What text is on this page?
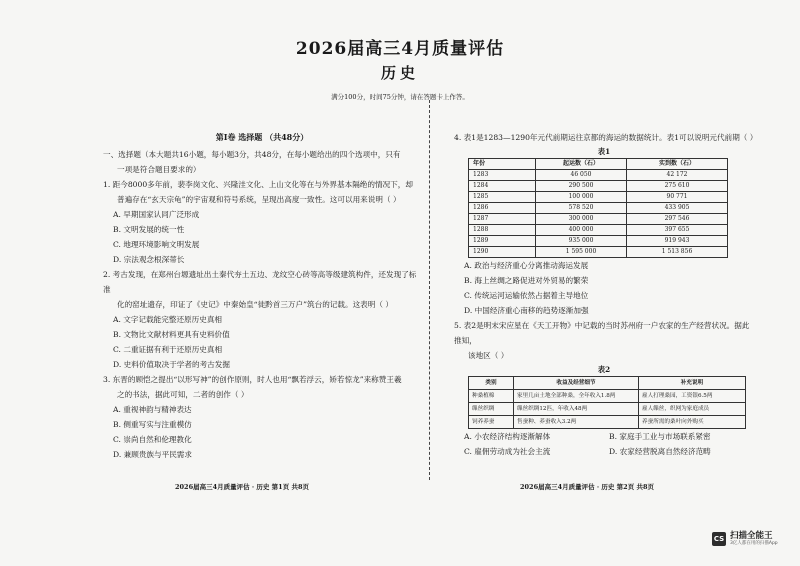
2026届高三4月质量评估
历史
满分100分，时间75分钟，请在答题卡上作答。
第Ⅰ卷 选择题 （共48分）

一、选择题（本大题共16小题，每小题3分，共48分，在每小题给出的四个选项中，只有

一项是符合题目要求的）

1. 距今8000多年前，裴李岗文化、兴隆洼文化、上山文化等在与外界基本隔绝的情况下，却

普遍存在“玄天宗龟”的宇宙观和符号系统，呈现出高度一致性。这可以用来说明（ ）

A. 早期国家认同广泛形成

B. 文明发展的统一性

C. 地理环境影响文明发展

D. 宗法观念根深蒂长

2. 考古发现，在郑州台塬遗址出土秦代夯土五边、龙纹空心砖等高等级建筑构件，还发现了标准

化的窑址遗存，印证了《史记》中秦始皇“徙黔首三万户”筑台的记载。这表明（ ）

A. 文字记载能完整还原历史真相

B. 文物比文献材料更具有史料价值

C. 二重证据有利于还原历史真相

D. 史料价值取决于学者的考古发掘

3. 东晋的顾恺之提出“以形写神”的创作原则，时人也用“飘若浮云，矫若惊龙”来称赞王羲

之的书法，据此可知，二者的创作（ ）

A. 重视神韵与精神表达

B. 侧重写实与注重模仿

C. 崇尚自然和伦理教化

D. 兼顾贵族与平民需求

4. 表1是1283—1290年元代前期运往京都的海运的数据统计。表1可以说明元代前期（ ）

表1
年份	起运数（石）	实到数（石）
1283	46 050	42 172
1284	290 500	275 610
1285	100 000	90 771
1286	578 520	433 905
1287	300 000	297 546
1288	400 000	397 655
1289	935 000	919 943
1290	1 595 000	1 513 856

A. 政治与经济重心分离推动海运发展

B. 海上丝绸之路促进对外贸易的繁荣

C. 传统运河运输依然占据着主导地位

D. 中国经济重心南移的趋势逐渐加强

5. 表2是明末宋应星在《天工开物》中记载的当时苏州府一户农家的生产经营状况。据此推知，

该地区（ ）

表2
类别	收益及经营细节	补充说明
种桑植棉	家里几亩土地全部种桑，全年收入1.8两	雇人打理桑园，工资银6.5两
缫丝织绸	缫丝织绸12匹，年收入48两	雇人缫丝，织网为家庭成员
饲养养蚕	售蚕种、养蚕收入3.2两	养蚕所需的桑叶向外购买
A. 小农经济结构逐渐解体	B. 家庭手工业与市场联系紧密
C. 雇佣劳动成为社会主流	D. 农家经营脱离自然经济范畴
2026届高三4月质量评估 · 历史 第1页 共8页	2026届高三4月质量评估 · 历史 第2页 共8页
CS 扫描全能王
3亿人都在用的扫描App
